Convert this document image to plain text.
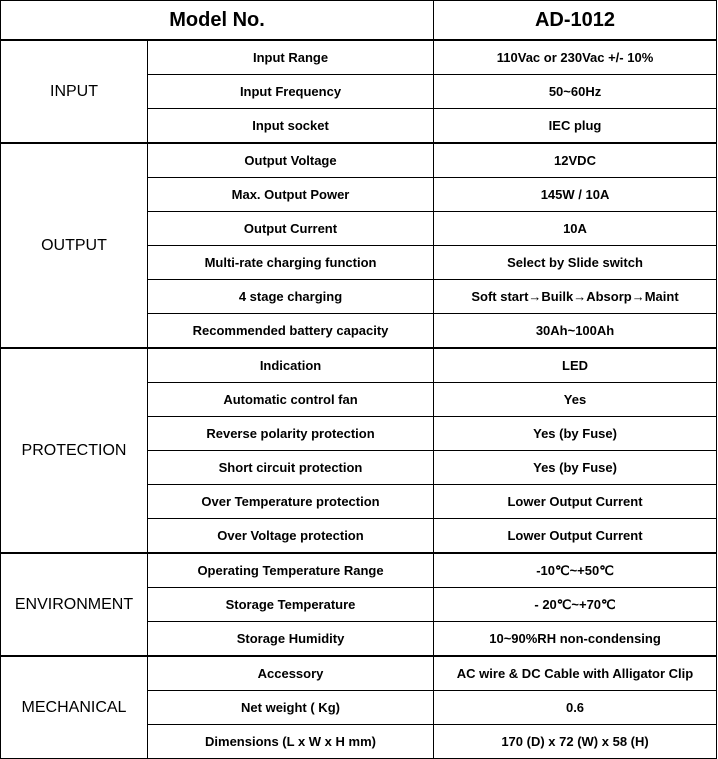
Model No.		AD-1012
INPUT	Input Range	110Vac or 230Vac +/- 10%
	Input Frequency	50~60Hz
	Input socket	IEC plug
OUTPUT	Output Voltage	12VDC
	Max. Output Power	145W / 10A
	Output Current	10A
	Multi-rate charging function	Select by Slide switch
	4 stage charging	Soft start→Builk→Absorp→Maint
	Recommended battery capacity	30Ah~100Ah
PROTECTION	Indication	LED
	Automatic control fan	Yes
	Reverse polarity protection	Yes (by Fuse)
	Short circuit protection	Yes (by Fuse)
	Over Temperature protection	Lower Output Current
	Over Voltage protection	Lower Output Current
ENVIRONMENT	Operating Temperature Range	-10℃~+50℃
	Storage Temperature	- 20℃~+70℃
	Storage Humidity	10~90%RH non-condensing
MECHANICAL	Accessory	AC wire & DC Cable with Alligator Clip
	Net weight ( Kg)	0.6
	Dimensions (L x W x H mm)	170 (D) x 72 (W) x 58 (H)
